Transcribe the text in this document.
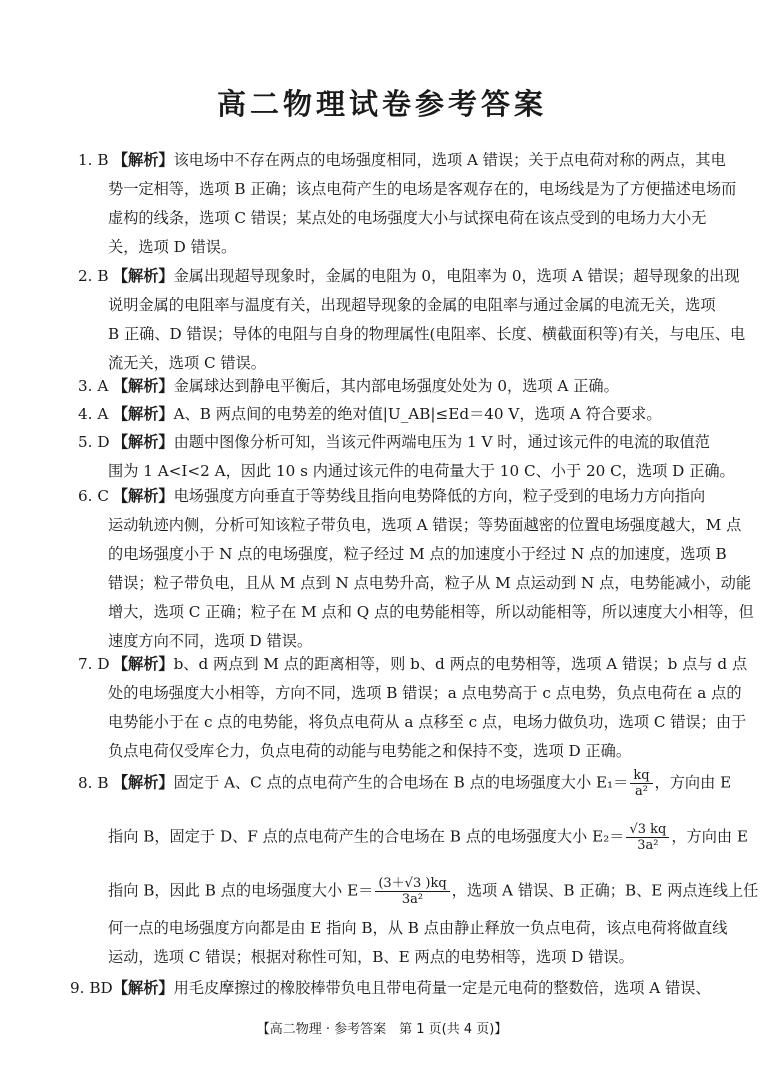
高二物理试卷参考答案
1. B 【解析】该电场中不存在两点的电场强度相同，选项 A 错误；关于点电荷对称的两点，其电
势一定相等，选项 B 正确；该点电荷产生的电场是客观存在的，电场线是为了方便描述电场而
虚构的线条，选项 C 错误；某点处的电场强度大小与试探电荷在该点受到的电场力大小无
关，选项 D 错误。
2. B 【解析】金属出现超导现象时，金属的电阻为 0，电阻率为 0，选项 A 错误；超导现象的出现
说明金属的电阻率与温度有关，出现超导现象的金属的电阻率与通过金属的电流无关，选项
B 正确、D 错误；导体的电阻与自身的物理属性(电阻率、长度、横截面积等)有关，与电压、电
流无关，选项 C 错误。
3. A 【解析】金属球达到静电平衡后，其内部电场强度处处为 0，选项 A 正确。
4. A 【解析】A、B 两点间的电势差的绝对值|U_AB|≤Ed＝40 V，选项 A 符合要求。
5. D 【解析】由题中图像分析可知，当该元件两端电压为 1 V 时，通过该元件的电流的取值范
围为 1 A<I<2 A，因此 10 s 内通过该元件的电荷量大于 10 C、小于 20 C，选项 D 正确。
6. C 【解析】电场强度方向垂直于等势线且指向电势降低的方向，粒子受到的电场力方向指向
运动轨迹内侧，分析可知该粒子带负电，选项 A 错误；等势面越密的位置电场强度越大，M 点
的电场强度小于 N 点的电场强度，粒子经过 M 点的加速度小于经过 N 点的加速度，选项 B
错误；粒子带负电，且从 M 点到 N 点电势升高，粒子从 M 点运动到 N 点，电势能减小，动能
增大，选项 C 正确；粒子在 M 点和 Q 点的电势能相等，所以动能相等，所以速度大小相等，但
速度方向不同，选项 D 错误。
7. D 【解析】b、d 两点到 M 点的距离相等，则 b、d 两点的电势相等，选项 A 错误；b 点与 d 点
处的电场强度大小相等，方向不同，选项 B 错误；a 点电势高于 c 点电势，负点电荷在 a 点的
电势能小于在 c 点的电势能，将负点电荷从 a 点移至 c 点，电场力做负功，选项 C 错误；由于
负点电荷仅受库仑力，负点电荷的动能与电势能之和保持不变，选项 D 正确。
8. B 【解析】固定于 A、C 点的点电荷产生的合电场在 B 点的电场强度大小 $E_1= \frac{kq}{\text{a²}}$ ，方向由 E
指向 B，固定于 D、F 点的点电荷产生的合电场在 B 点的电场强度大小 $E_2= \frac{√3 kq}{\text{3a²}}$ ，方向由 E
指向 B，因此 B 点的电场强度大小 $E= \frac{(3+√3 )kq}{\text{3a²}}$ ，选项 A 错误、B 正确；B、E 两点连线上任
何一点的电场强度方向都是由 E 指向 B，从 B 点由静止释放一负点电荷，该点电荷将做直线
运动，选项 C 错误；根据对称性可知，B、E 两点的电势相等，选项 D 错误。
9. BD 【解析】用毛皮摩擦过的橡胶棒带负电且带电荷量一定是元电荷的整数倍，选项 A 错误、
【高二物理 · 参考答案　第 1 页(共 4 页)】
